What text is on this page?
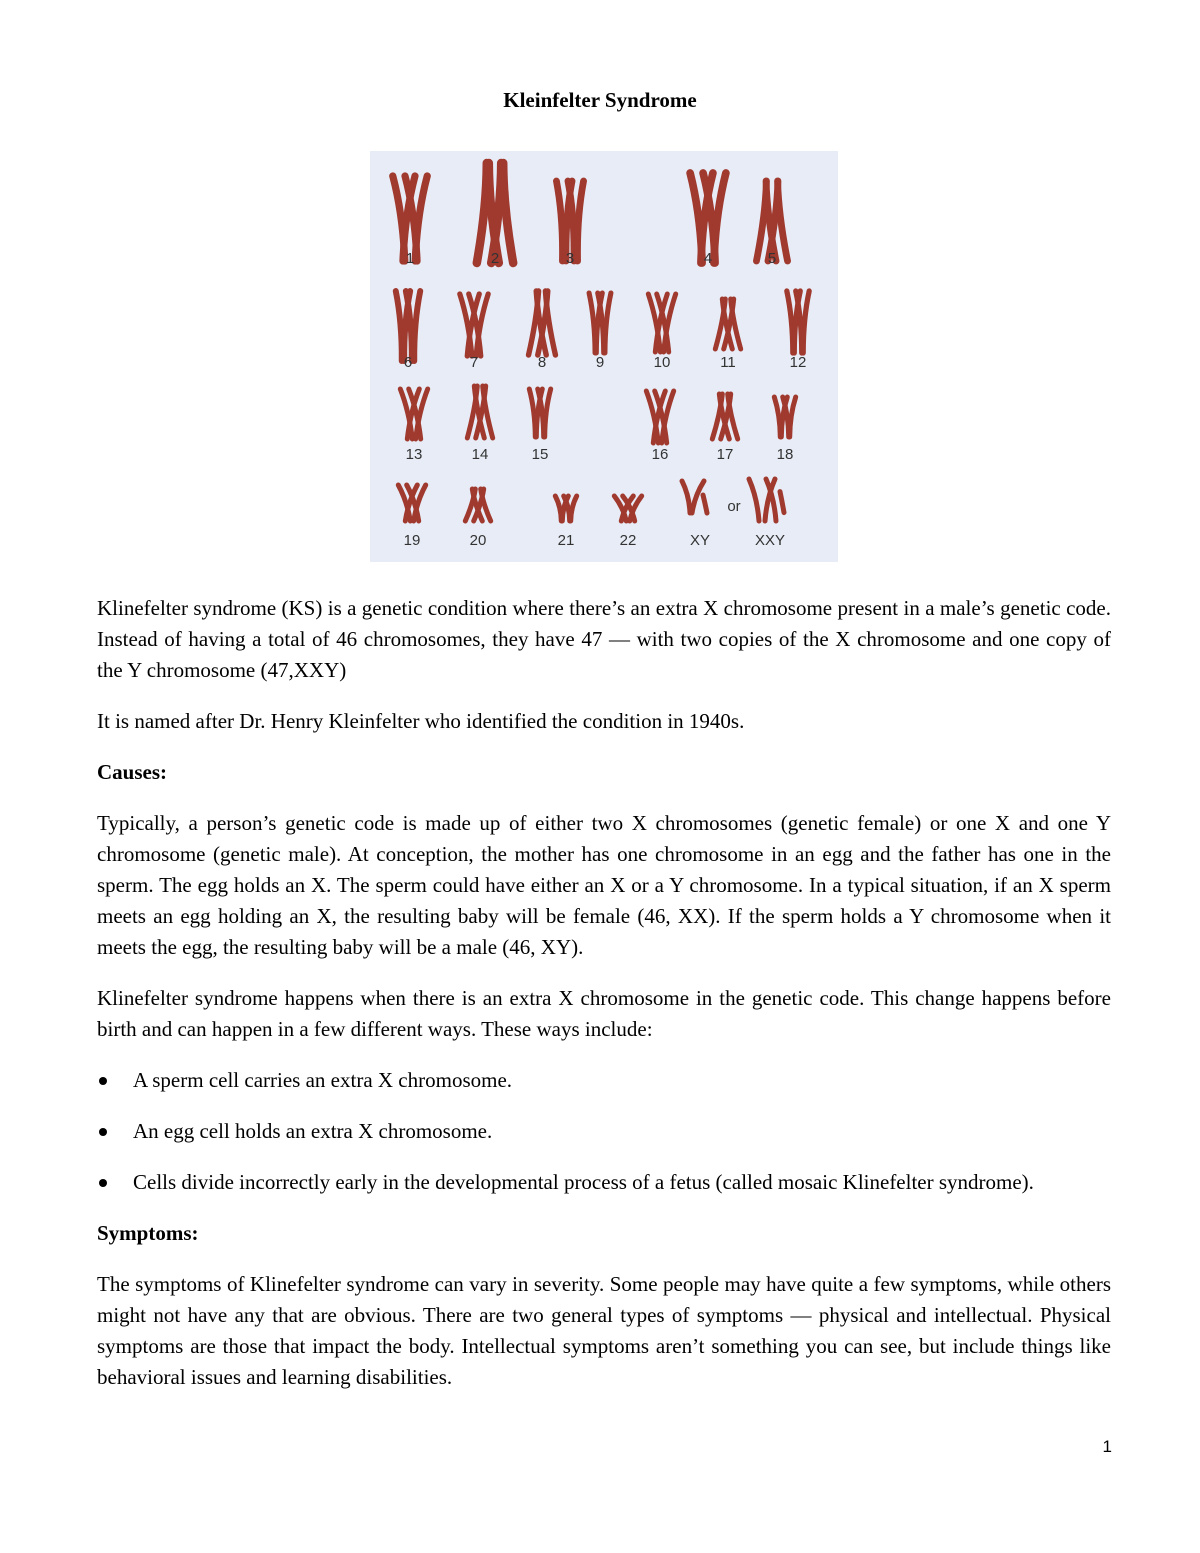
Kleinfelter Syndrome
1	2	3	4	5
6	7	8	9	10	11	12
13	14	15	16	17	18
19	20	21	22	XY	XXY
or

Klinefelter syndrome (KS) is a genetic condition where there’s an extra X chromosome present in a male’s genetic code. Instead of having a total of 46 chromosomes, they have 47 — with two copies of the X chromosome and one copy of the Y chromosome (47,XXY)

It is named after Dr. Henry Kleinfelter who identified the condition in 1940s.

Causes:

Typically, a person’s genetic code is made up of either two X chromosomes (genetic female) or one X and one Y chromosome (genetic male). At conception, the mother has one chromosome in an egg and the father has one in the sperm. The egg holds an X. The sperm could have either an X or a Y chromosome. In a typical situation, if an X sperm meets an egg holding an X, the resulting baby will be female (46, XX). If the sperm holds a Y chromosome when it meets the egg, the resulting baby will be a male (46, XY).

Klinefelter syndrome happens when there is an extra X chromosome in the genetic code. This change happens before birth and can happen in a few different ways. These ways include:

A sperm cell carries an extra X chromosome.
An egg cell holds an extra X chromosome.
Cells divide incorrectly early in the developmental process of a fetus (called mosaic Klinefelter syndrome).
Symptoms:

The symptoms of Klinefelter syndrome can vary in severity. Some people may have quite a few symptoms, while others might not have any that are obvious. There are two general types of symptoms — physical and intellectual. Physical symptoms are those that impact the body. Intellectual symptoms aren’t something you can see, but include things like behavioral issues and learning disabilities.

1
